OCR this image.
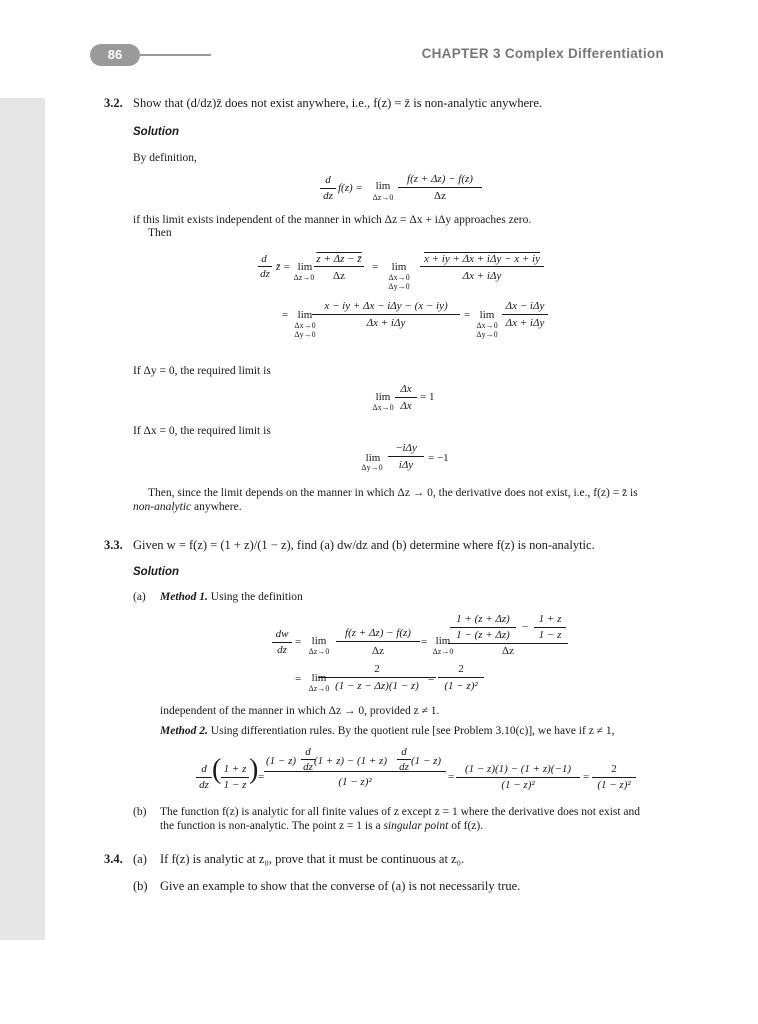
86	CHAPTER 3 Complex Differentiation
3.2. Show that (d/dz)z̄ does not exist anywhere, i.e., f(z) = z̄ is non-analytic anywhere.
Solution
By definition,
d
dz
f(z) =	lim
Δz→0
f(z + Δz) − f(z)
Δz
if this limit exists independent of the manner in which Δz = Δx + iΔy approaches zero.
Then
d
dz
z̄ = lim
Δz→0
z + Δz − z̄
Δz
=	lim
Δx→0
Δy→0
x + iy + Δx + iΔy − x + iy
Δx + iΔy
= lim
Δx→0
Δy→0
x − iy + Δx − iΔy − (x − iy)
Δx + iΔy
= lim
Δx→0
Δy→0
Δx − iΔy
Δx + iΔy
If Δy = 0, the required limit is
lim
Δx→0
Δx
Δx
= 1
If Δx = 0, the required limit is
lim
Δy→0
−iΔy
iΔy
= −1
Then, since the limit depends on the manner in which Δz → 0, the derivative does not exist, i.e., f(z) = z̄ is
non-analytic anywhere.
3.3. Given w = f(z) = (1 + z)/(1 − z), find (a) dw/dz and (b) determine where f(z) is non-analytic.
Solution
(a) Method 1. Using the definition
dw
dz
= lim
Δz→0
f(z + Δz) − f(z)
Δz
= lim
Δz→0
1 + (z + Δz)
1 − (z + Δz)
−
1 + z
1 − z
Δz
= lim
Δz→0
2
(1 − z − Δz)(1 − z)
=
2
(1 − z)²
independent of the manner in which Δz → 0, provided z ≠ 1.
Method 2. Using differentiation rules. By the quotient rule [see Problem 3.10(c)], we have if z ≠ 1,
d
dz ( 1 + z
1 − z ) =
d
dz
d
dz
(1 − z) (1 + z) − (1 + z) (1 − z)
(1 − z)²	=
(1 − z)(1) − (1 + z)(−1)
(1 − z)²
=
2
(1 − z)²
(b) The function f(z) is analytic for all finite values of z except z = 1 where the derivative does not exist and
the function is non-analytic. The point z = 1 is a singular point of f(z).
3.4. (a) If f(z) is analytic at z₀, prove that it must be continuous at z₀.
(b) Give an example to show that the converse of (a) is not necessarily true.
